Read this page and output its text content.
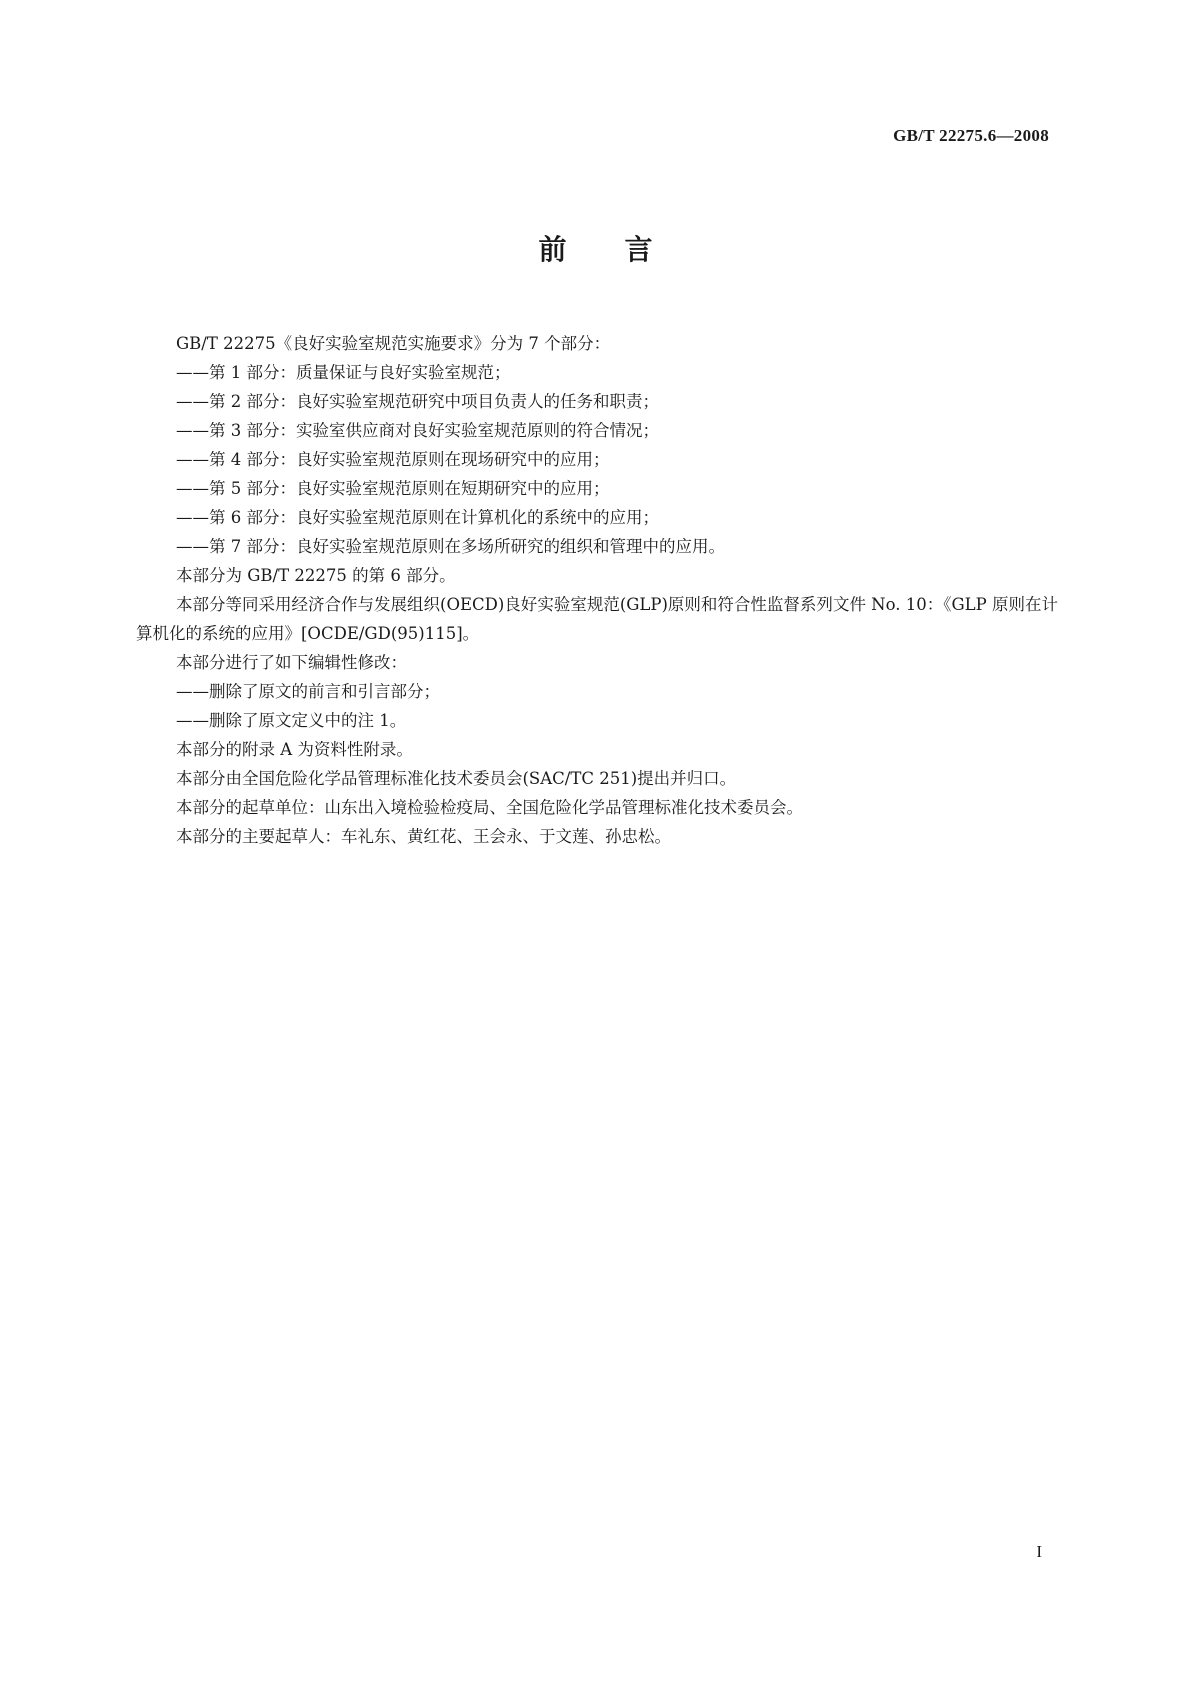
GB/T 22275.6—2008
前言

GB/T 22275《良好实验室规范实施要求》分为 7 个部分：

——第 1 部分：质量保证与良好实验室规范；

——第 2 部分：良好实验室规范研究中项目负责人的任务和职责；

——第 3 部分：实验室供应商对良好实验室规范原则的符合情况；

——第 4 部分：良好实验室规范原则在现场研究中的应用；

——第 5 部分：良好实验室规范原则在短期研究中的应用；

——第 6 部分：良好实验室规范原则在计算机化的系统中的应用；

——第 7 部分：良好实验室规范原则在多场所研究的组织和管理中的应用。

本部分为 GB/T 22275 的第 6 部分。

本部分等同采用经济合作与发展组织(OECD)良好实验室规范(GLP)原则和符合性监督系列文件 No. 10：《GLP 原则在计算机化的系统的应用》[OCDE/GD(95)115]。

本部分进行了如下编辑性修改：

——删除了原文的前言和引言部分；

——删除了原文定义中的注 1。

本部分的附录 A 为资料性附录。

本部分由全国危险化学品管理标准化技术委员会(SAC/TC 251)提出并归口。

本部分的起草单位：山东出入境检验检疫局、全国危险化学品管理标准化技术委员会。

本部分的主要起草人：车礼东、黄红花、王会永、于文莲、孙忠松。

I
